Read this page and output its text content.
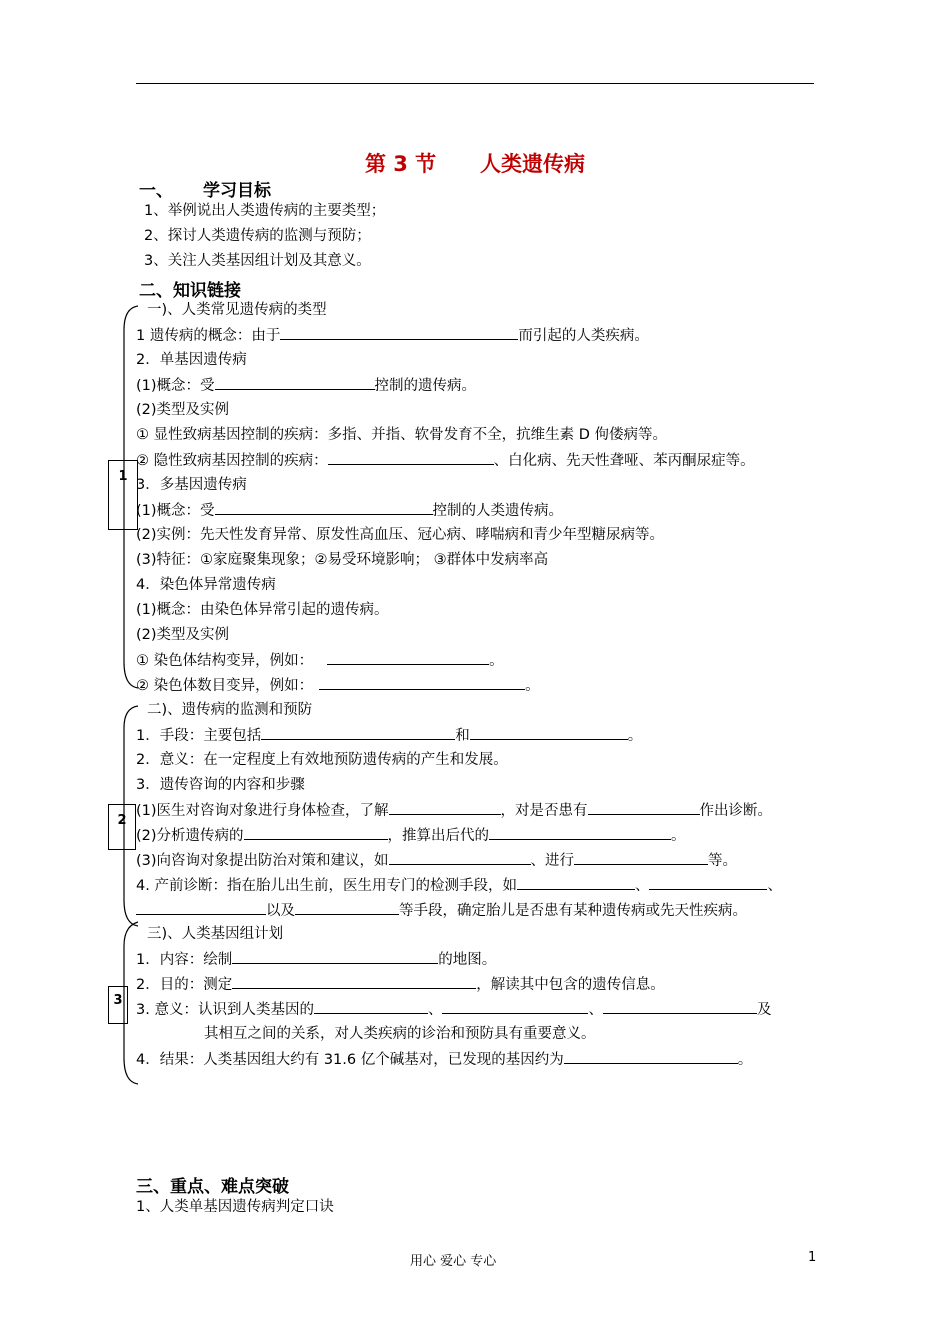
第 3 节      人类遗传病
一、 学习目标
1、举例说出人类遗传病的主要类型；
2、探讨人类遗传病的监测与预防；
3、关注人类基因组计划及其意义。
二、知识链接
1
2
3
一)、人类常见遗传病的类型
1 遗传病的概念：由于	而引起的人类疾病。
2．单基因遗传病
(1)概念：受	控制的遗传病。
(2)类型及实例
① 显性致病基因控制的疾病：多指、并指、软骨发育不全，抗维生素 D 佝偻病等。
② 隐性致病基因控制的疾病：	、白化病、先天性聋哑、苯丙酮尿症等。
3．多基因遗传病
(1)概念：受	控制的人类遗传病。
(2)实例：先天性发育异常、原发性高血压、冠心病、哮喘病和青少年型糖尿病等。
(3)特征：①家庭聚集现象；②易受环境影响； ③群体中发病率高
4．染色体异常遗传病
(1)概念：由染色体异常引起的遗传病。
(2)类型及实例
① 染色体结构变异，例如：	。
② 染色体数目变异，例如：	。
二)、遗传病的监测和预防
1．手段：主要包括	和	。
2．意义：在一定程度上有效地预防遗传病的产生和发展。
3．遗传咨询的内容和步骤
(1)医生对咨询对象进行身体检查，了解	，对是否患有	作出诊断。
(2)分析遗传病的	，推算出后代的	。
(3)向咨询对象提出防治对策和建议，如	、进行	等。
4. 产前诊断：指在胎儿出生前，医生用专门的检测手段，如	、	、
以及	等手段，确定胎儿是否患有某种遗传病或先天性疾病。
三)、人类基因组计划
1．内容：绘制	的地图。
2．目的：测定	，解读其中包含的遗传信息。
3. 意义：认识到人类基因的	、	、	及
其相互之间的关系，对人类疾病的诊治和预防具有重要意义。
4．结果：人类基因组大约有 31.6 亿个碱基对，已发现的基因约为	。
三、重点、难点突破
1、人类单基因遗传病判定口诀
用心 爱心 专心	1
